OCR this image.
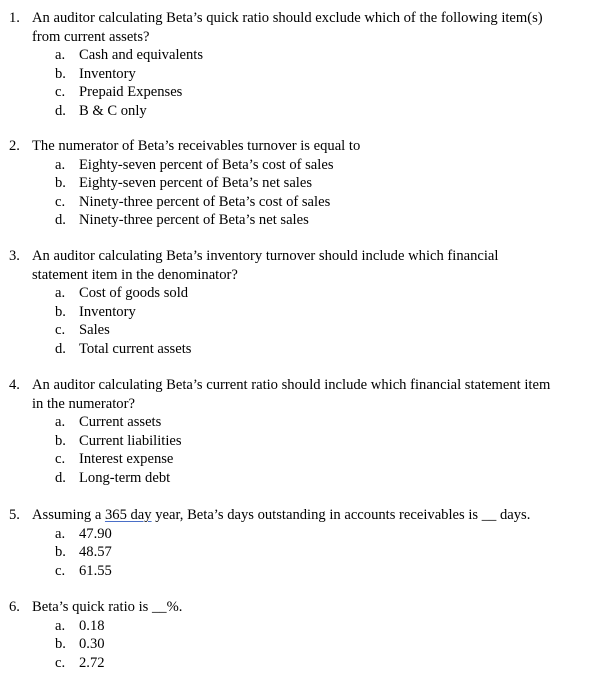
1. An auditor calculating Beta’s quick ratio should exclude which of the following item(s)
from current assets?
a. Cash and equivalents
b. Inventory
c. Prepaid Expenses
d. B & C only
2. The numerator of Beta’s receivables turnover is equal to
a. Eighty-seven percent of Beta’s cost of sales
b. Eighty-seven percent of Beta’s net sales
c. Ninety-three percent of Beta’s cost of sales
d. Ninety-three percent of Beta’s net sales
3. An auditor calculating Beta’s inventory turnover should include which financial
statement item in the denominator?
a. Cost of goods sold
b. Inventory
c. Sales
d. Total current assets
4. An auditor calculating Beta’s current ratio should include which financial statement item
in the numerator?
a. Current assets
b. Current liabilities
c. Interest expense
d. Long-term debt
5. Assuming a 365 day year, Beta’s days outstanding in accounts receivables is __ days.
a. 47.90
b. 48.57
c. 61.55
6. Beta’s quick ratio is __%.
a. 0.18
b. 0.30
c. 2.72
